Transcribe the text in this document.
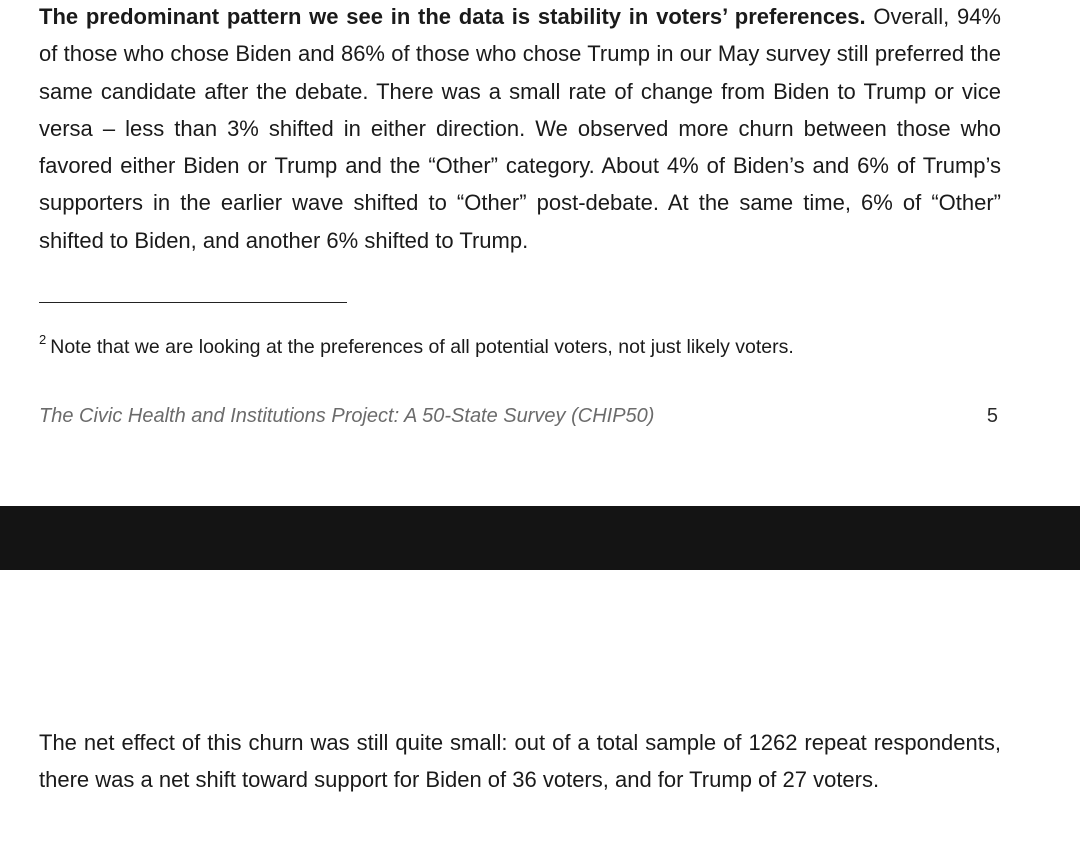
The predominant pattern we see in the data is stability in voters’ preferences. Overall, 94% of those who chose Biden and 86% of those who chose Trump in our May survey still preferred the same candidate after the debate. There was a small rate of change from Biden to Trump or vice versa – less than 3% shifted in either direction. We observed more churn between those who favored either Biden or Trump and the “Other” category. About 4% of Biden’s and 6% of Trump’s supporters in the earlier wave shifted to “Other” post-debate. At the same time, 6% of “Other” shifted to Biden, and another 6% shifted to Trump.

$^2$ Note that we are looking at the preferences of all potential voters, not just likely voters.

The Civic Health and Institutions Project: A 50-State Survey (CHIP50)	5

The net effect of this churn was still quite small: out of a total sample of 1262 repeat respondents, there was a net shift toward support for Biden of 36 voters, and for Trump of 27 voters.
